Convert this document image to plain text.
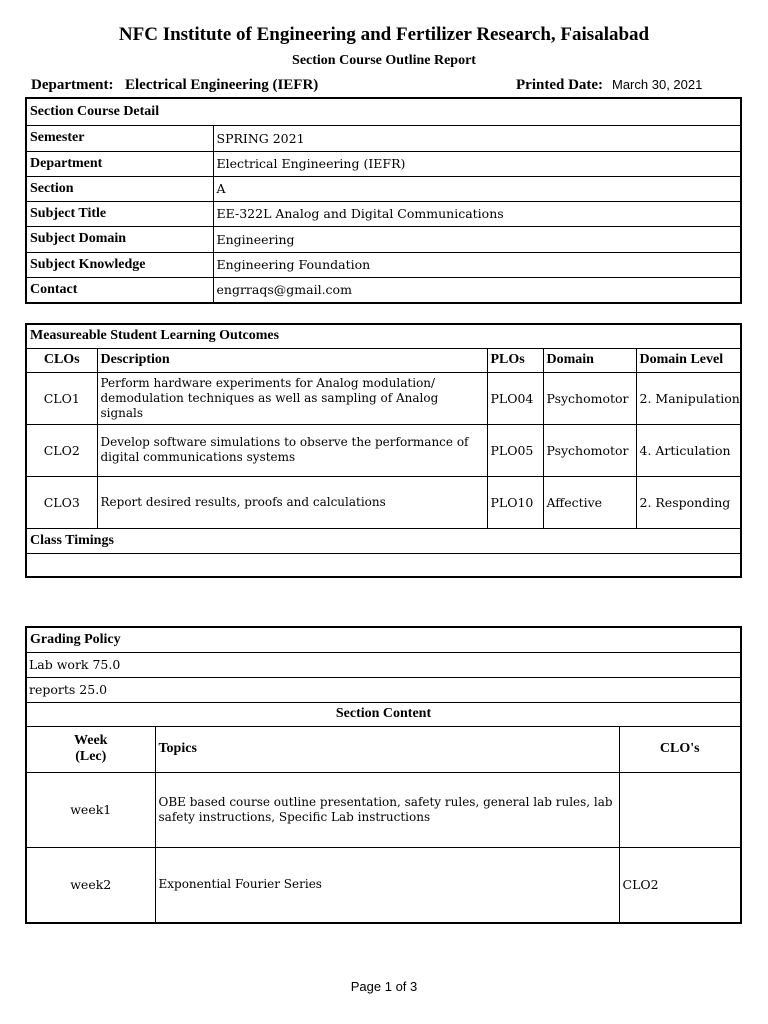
NFC Institute of Engineering and Fertilizer Research, Faisalabad
Section Course Outline Report
Department: Electrical Engineering (IEFR)	Printed Date: March 30, 2021
Section Course Detail	
Semester	SPRING 2021
Department	Electrical Engineering (IEFR)
Section	A
Subject Title	EE-322L Analog and Digital Communications
Subject Domain	Engineering
Subject Knowledge	Engineering Foundation
Contact	engrraqs@gmail.com
Measureable Student Learning Outcomes				
CLOs	Description	PLOs	Domain	Domain Level
CLO1	Perform hardware experiments for Analog modulation/ demodulation techniques as well as sampling of Analog signals	PLO04	Psychomotor	2. Manipulation
CLO2	Develop software simulations to observe the performance of digital communications systems	PLO05	Psychomotor	4. Articulation
CLO3	Report desired results, proofs and calculations	PLO10	Affective	2. Responding
Class Timings				

Grading Policy		
Lab work 75.0		
reports 25.0		
Section Content		
Week
(Lec)	Topics	CLO's
week1	OBE based course outline presentation, safety rules, general lab rules, lab safety instructions, Specific Lab instructions	
week2	Exponential Fourier Series	CLO2
Page 1 of 3
